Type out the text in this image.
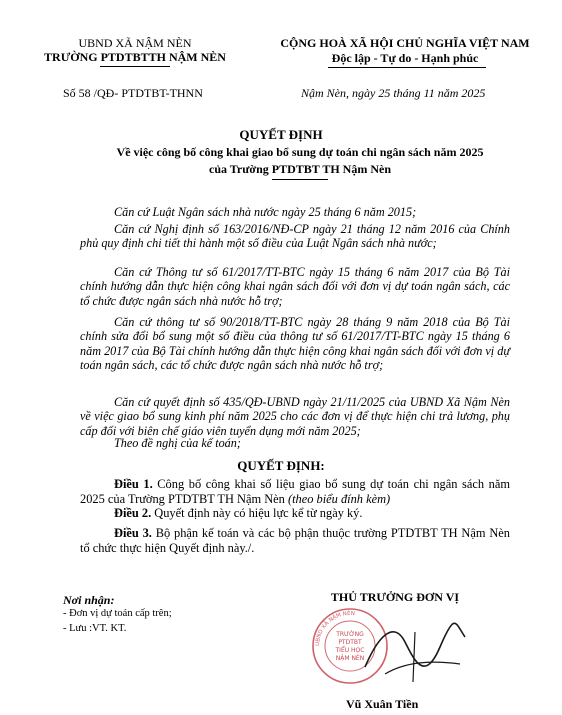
UBND XÃ NẬM NÈN
TRƯỜNG PTDTBTTH NẬM NÈN
CỘNG HOÀ XÃ HỘI CHỦ NGHĨA VIỆT NAM
Độc lập - Tự do - Hạnh phúc
Số 58 /QĐ- PTDTBT-THNN	Nậm Nèn, ngày 25 tháng 11 năm 2025
QUYẾT ĐỊNH
Về việc công bố công khai giao bổ sung dự toán chi ngân sách năm 2025
của Trường PTDTBT TH Nậm Nèn
Căn cứ Luật Ngân sách nhà nước ngày 25 tháng 6 năm 2015;
Căn cứ Nghị định số 163/2016/NĐ-CP ngày 21 tháng 12 năm 2016 của Chính phủ quy định chi tiết thi hành một số điều của Luật Ngân sách nhà nước;
Căn cứ Thông tư số 61/2017/TT-BTC ngày 15 tháng 6 năm 2017 của Bộ Tài chính hướng dẫn thực hiện công khai ngân sách đối với đơn vị dự toán ngân sách, các tổ chức được ngân sách nhà nước hỗ trợ;
Căn cứ thông tư số 90/2018/TT-BTC ngày 28 tháng 9 năm 2018 của Bộ Tài chính sửa đổi bổ sung một số điều của thông tư số 61/2017/TT-BTC ngày 15 tháng 6 năm 2017 của Bộ Tài chính hướng dẫn thực hiện công khai ngân sách đối với đơn vị dự toán ngân sách, các tổ chức được ngân sách nhà nước hỗ trợ;
Căn cứ quyết định số 435/QĐ-UBND ngày 21/11/2025 của UBND Xã Nậm Nèn về việc giao bổ sung kinh phí năm 2025 cho các đơn vị để thực hiện chi trả lương, phụ cấp đối với biên chế giáo viên tuyển dụng mới năm 2025;
Theo đề nghị của kế toán;
QUYẾT ĐỊNH:
Điều 1. Công bố công khai số liệu giao bổ sung dự toán chi ngân sách năm 2025 của Trường PTDTBT TH Nậm Nèn (theo biểu đính kèm)
Điều 2. Quyết định này có hiệu lực kể từ ngày ký.
Điều 3. Bộ phận kế toán và các bộ phận thuộc trường PTDTBT TH Nậm Nèn tổ chức thực hiện Quyết định này./.
Nơi nhận:
- Đơn vị dự toán cấp trên;
- Lưu :VT. KT.
THỦ TRƯỞNG ĐƠN VỊ
UBND XÃ NẬM NÈN
TRƯỜNG
PTDTBT
TIỂU HỌC
NẬM NÈN
Vũ Xuân Tiền
